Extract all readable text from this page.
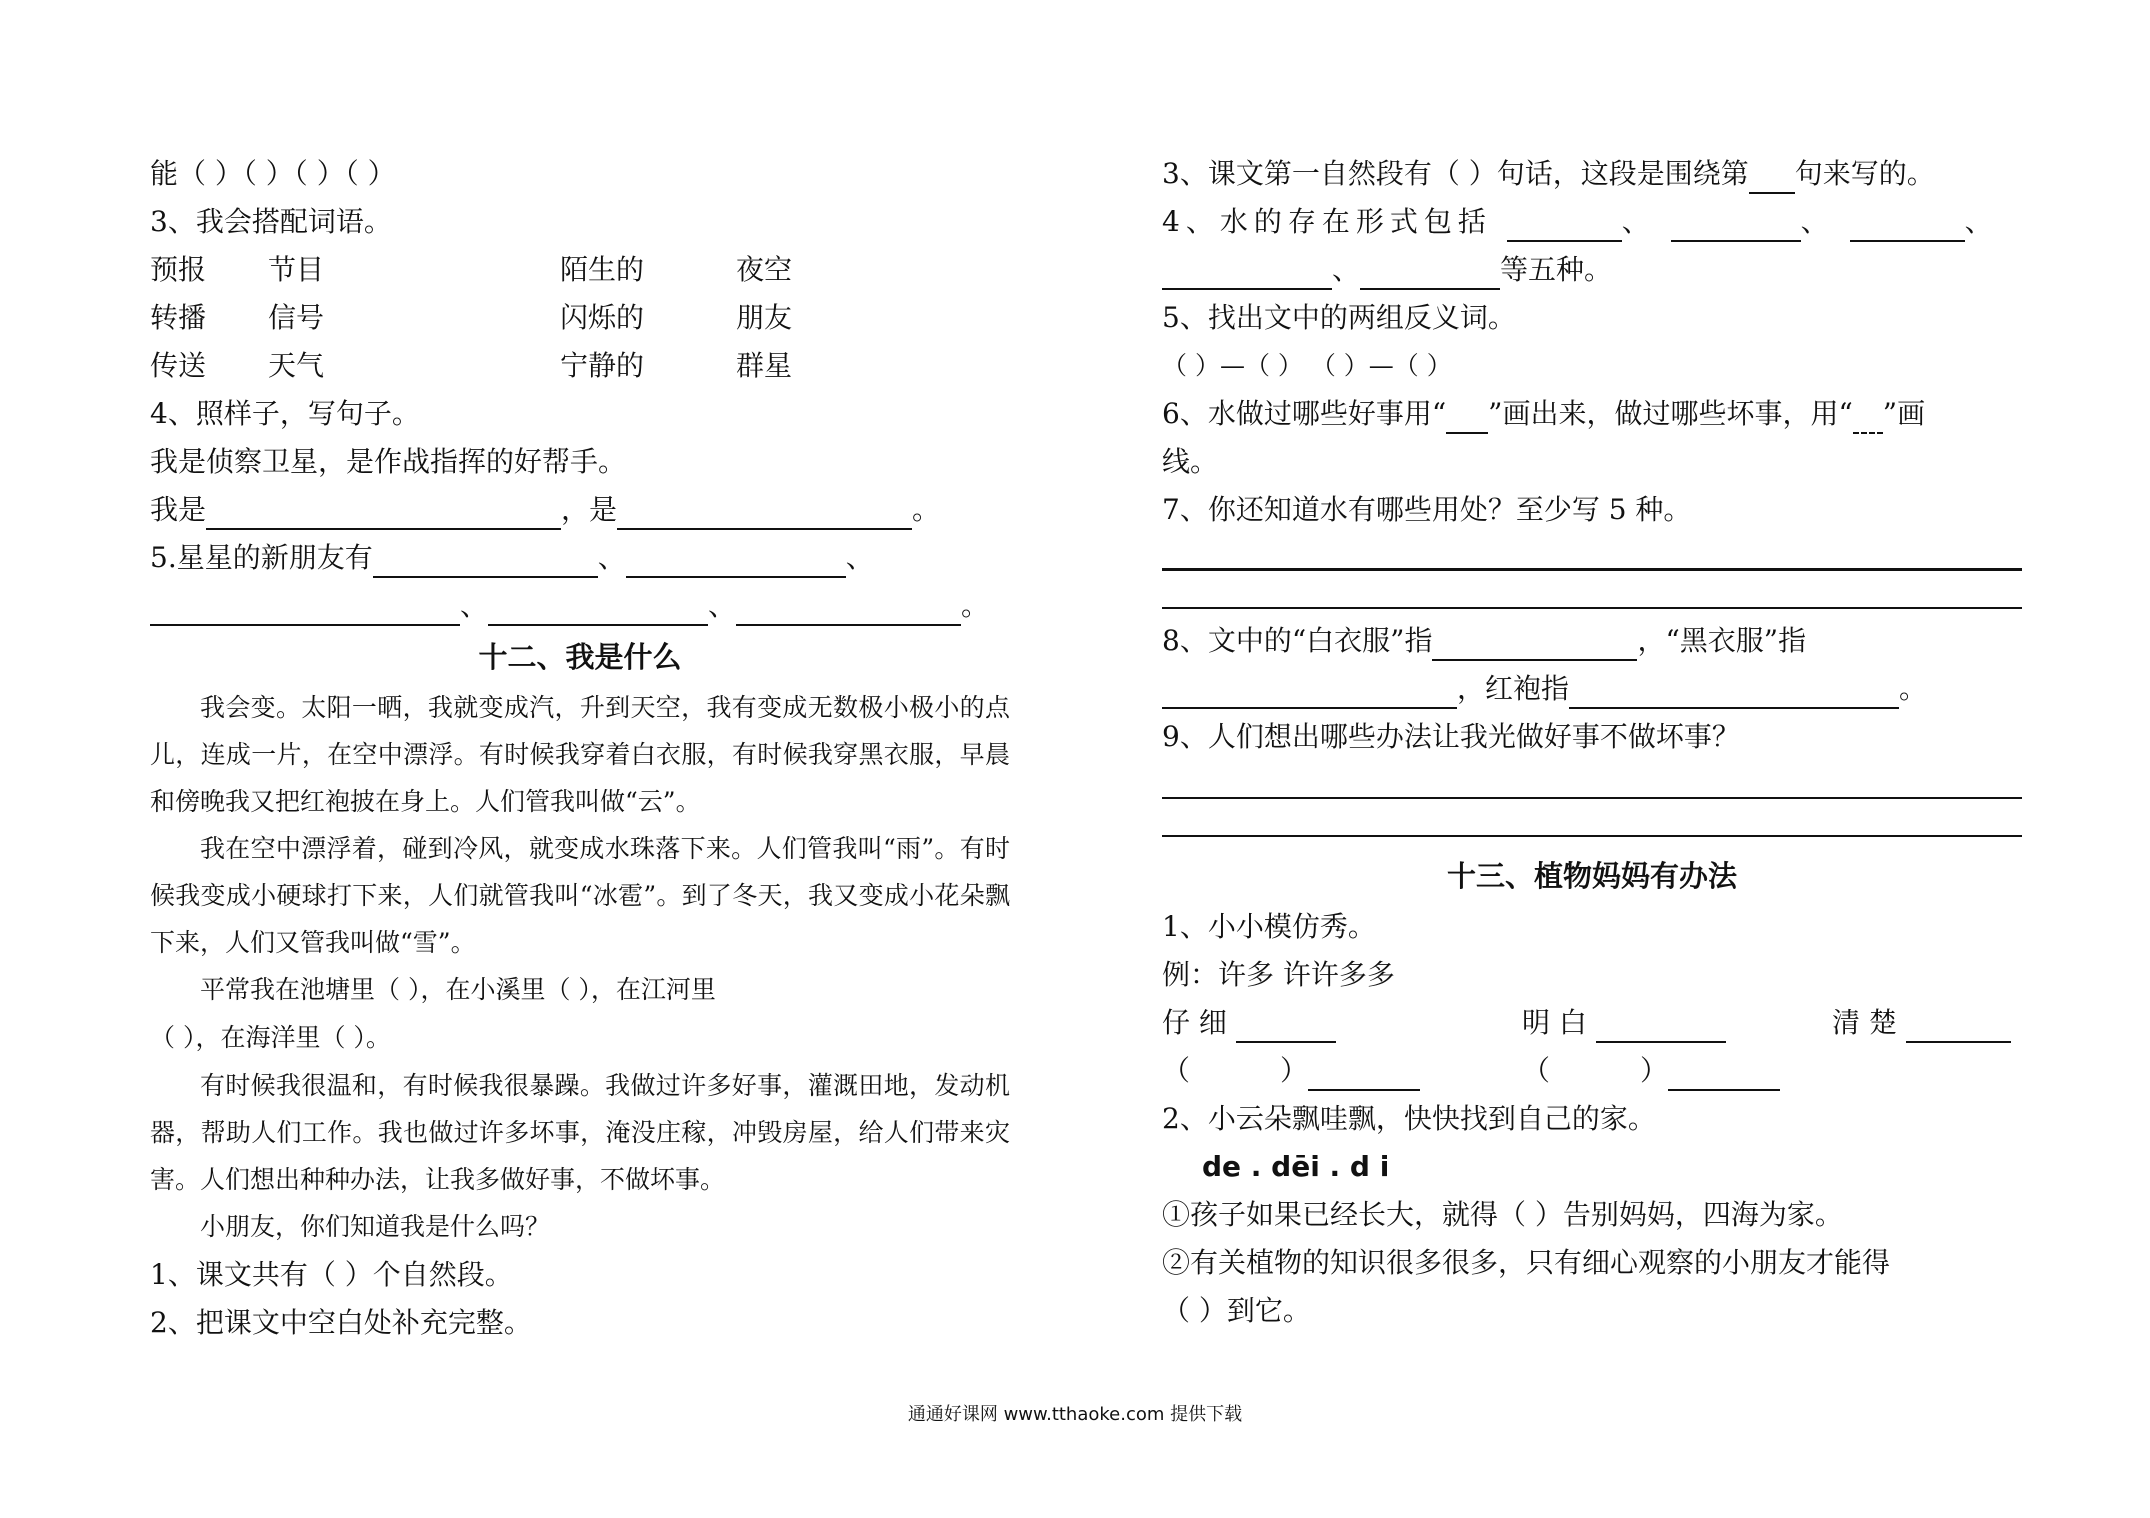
能（ ）（ ）（ ）（ ）
3、我会搭配词语。
预报 节目	陌生的	夜空
转播 信号	闪烁的	朋友
传送 天气	宁静的	群星
4、照样子，写句子。
我是侦察卫星，是作战指挥的好帮手。
我是	，是	。
5.星星的新朋友有	、	、
、	、	。
十二、我是什么

我会变。太阳一晒，我就变成汽，升到天空，我有变成无数极小极小的点儿，连成一片，在空中漂浮。有时候我穿着白衣服，有时候我穿黑衣服，早晨和傍晚我又把红袍披在身上。人们管我叫做“云”。

我在空中漂浮着，碰到冷风，就变成水珠落下来。人们管我叫“雨”。有时候我变成小硬球打下来，人们就管我叫“冰雹”。到了冬天，我又变成小花朵飘下来，人们又管我叫做“雪”。

平常我在池塘里（ ），在小溪里（ ），在江河里
（ ），在海洋里（ ）。

有时候我很温和，有时候我很暴躁。我做过许多好事，灌溉田地，发动机器，帮助人们工作。我也做过许多坏事，淹没庄稼，冲毁房屋，给人们带来灾害。人们想出种种办法，让我多做好事，不做坏事。

小朋友，你们知道我是什么吗？
1、课文共有（ ）个自然段。
2、把课文中空白处补充完整。
3、课文第一自然段有（ ）句话，这段是围绕第 句来写的。
4、水的存在形式包括	、	、	、
、	等五种。
5、找出文中的两组反义词。
（ ）—（ ） （ ）—（ ）
6、水做过哪些好事用“ ”画出来，做过哪些坏事，用“ ”画
线。
7、你还知道水有哪些用处？至少写 5 种。
8、文中的“白衣服”指	，“黑衣服”指
，红袍指	。
9、人们想出哪些办法让我光做好事不做坏事？
十三、植物妈妈有办法
1、小小模仿秀。
例：许多 许许多多
仔 细	明 白	清 楚
（	）	（	）
2、小云朵飘哇飘，快快找到自己的家。
de . dēi . d i
①孩子如果已经长大，就得（ ）告别妈妈，四海为家。
②有关植物的知识很多很多，只有细心观察的小朋友才能得
（ ）到它。
通通好课网 www.tthaoke.com 提供下载
